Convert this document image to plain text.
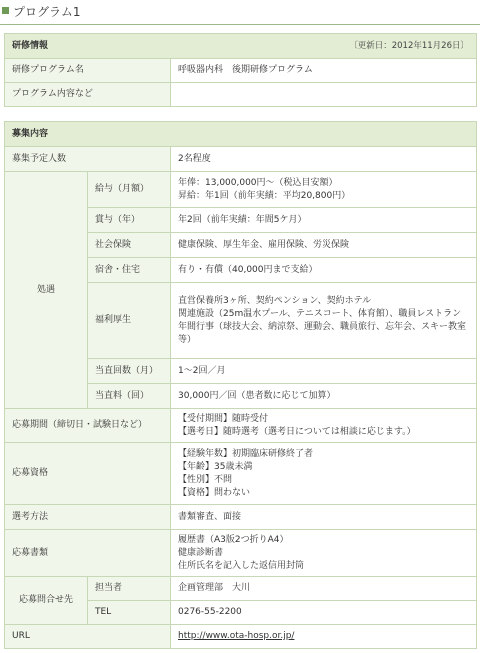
プログラム1
研修情報 〔更新日：2012年11月26日〕	

研修プログラム名	呼吸器内科　後期研修プログラム
プログラム内容など	
募集内容		
募集予定人数		2名程度
処遇	給与（月額）	年俸：13,000,000円〜（税込目安額）
昇給：年1回（前年実績：平均20,800円）

	賞与（年）	年2回（前年実績：年間5ケ月）
	社会保険	健康保険、厚生年金、雇用保険、労災保険
	宿舎・住宅	有り・有償（40,000円まで支給）
	福利厚生	直営保養所3ヶ所、契約ペンション、契約ホテル
関連施設（25m温水プール、テニスコート、体育館）、職員レストラン
年間行事（球技大会、納涼祭、運動会、職員旅行、忘年会、スキー教室等）

	当直回数（月）	1〜2回／月
	当直料（回）	30,000円／回（患者数に応じて加算）
応募期間（締切日・試験日など）		【受付期間】随時受付
【選考日】随時選考（選考日については相談に応じます。）

応募資格		【経験年数】初期臨床研修終了者
【年齢】35歳未満
【性別】不問
【資格】問わない

選考方法		書類審査、面接
応募書類		履歴書（A3版2つ折りA4）
健康診断書
住所氏名を記入した返信用封筒

応募問合せ先	担当者	企画管理部　大川
	TEL	0276-55-2200
URL		http://www.ota-hosp.or.jp/
